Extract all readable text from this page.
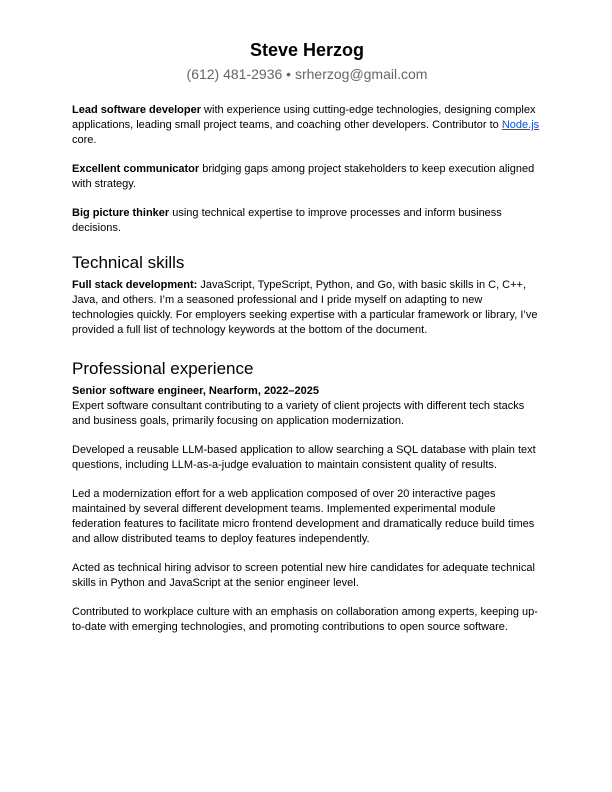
Steve Herzog
(612) 481-2936 • srherzog@gmail.com

Lead software developer with experience using cutting-edge technologies, designing complex applications, leading small project teams, and coaching other developers. Contributor to Node.js core.

Excellent communicator bridging gaps among project stakeholders to keep execution aligned with strategy.

Big picture thinker using technical expertise to improve processes and inform business decisions.

Technical skills

Full stack development: JavaScript, TypeScript, Python, and Go, with basic skills in C, C++, Java, and others. I’m a seasoned professional and I pride myself on adapting to new technologies quickly. For employers seeking expertise with a particular framework or library, I’ve provided a full list of technology keywords at the bottom of the document.

Professional experience

Senior software engineer, Nearform, 2022–2025

Expert software consultant contributing to a variety of client projects with different tech stacks and business goals, primarily focusing on application modernization.

Developed a reusable LLM-based application to allow searching a SQL database with plain text questions, including LLM-as-a-judge evaluation to maintain consistent quality of results.

Led a modernization effort for a web application composed of over 20 interactive pages maintained by several different development teams. Implemented experimental module federation features to facilitate micro frontend development and dramatically reduce build times and allow distributed teams to deploy features independently.

Acted as technical hiring advisor to screen potential new hire candidates for adequate technical skills in Python and JavaScript at the senior engineer level.

Contributed to workplace culture with an emphasis on collaboration among experts, keeping up-to-date with emerging technologies, and promoting contributions to open source software.
